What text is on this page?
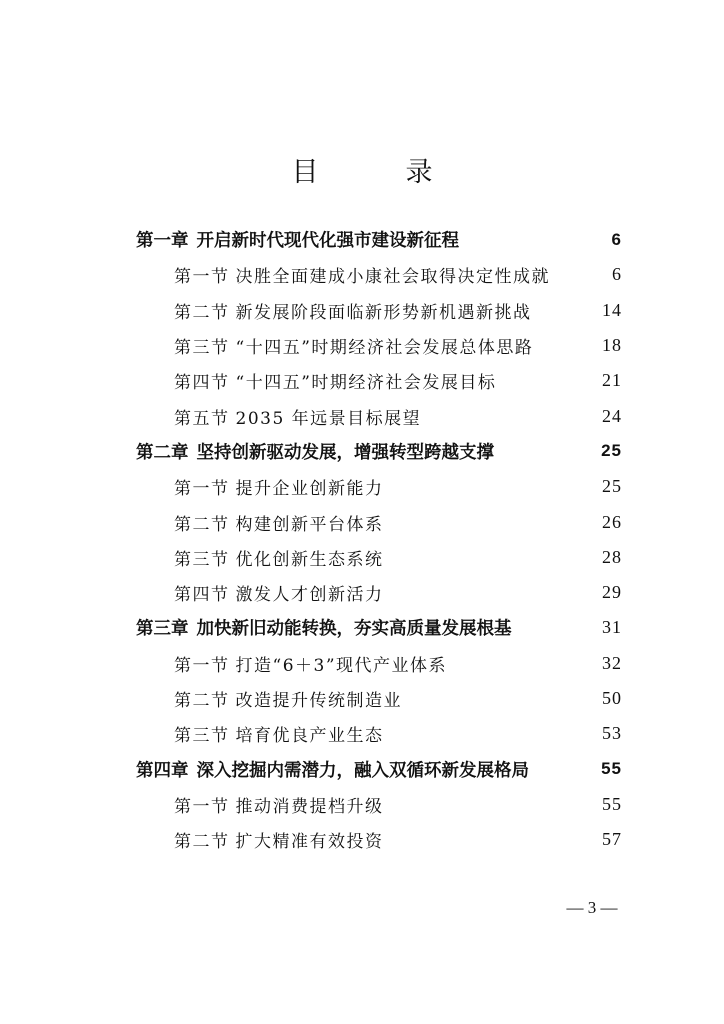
目　录
第一章 开启新时代现代化强市建设新征程	6
第一节 决胜全面建成小康社会取得决定性成就	6
第二节 新发展阶段面临新形势新机遇新挑战	14
第三节 “十四五”时期经济社会发展总体思路	18
第四节 “十四五”时期经济社会发展目标	21
第五节 2035 年远景目标展望	24
第二章 坚持创新驱动发展，增强转型跨越支撑	25
第一节 提升企业创新能力	25
第二节 构建创新平台体系	26
第三节 优化创新生态系统	28
第四节 激发人才创新活力	29
第三章 加快新旧动能转换，夯实高质量发展根基	31
第一节 打造“6＋3”现代产业体系	32
第二节 改造提升传统制造业	50
第三节 培育优良产业生态	53
第四章 深入挖掘内需潜力，融入双循环新发展格局	55
第一节 推动消费提档升级	55
第二节 扩大精准有效投资	57
— 3 —
